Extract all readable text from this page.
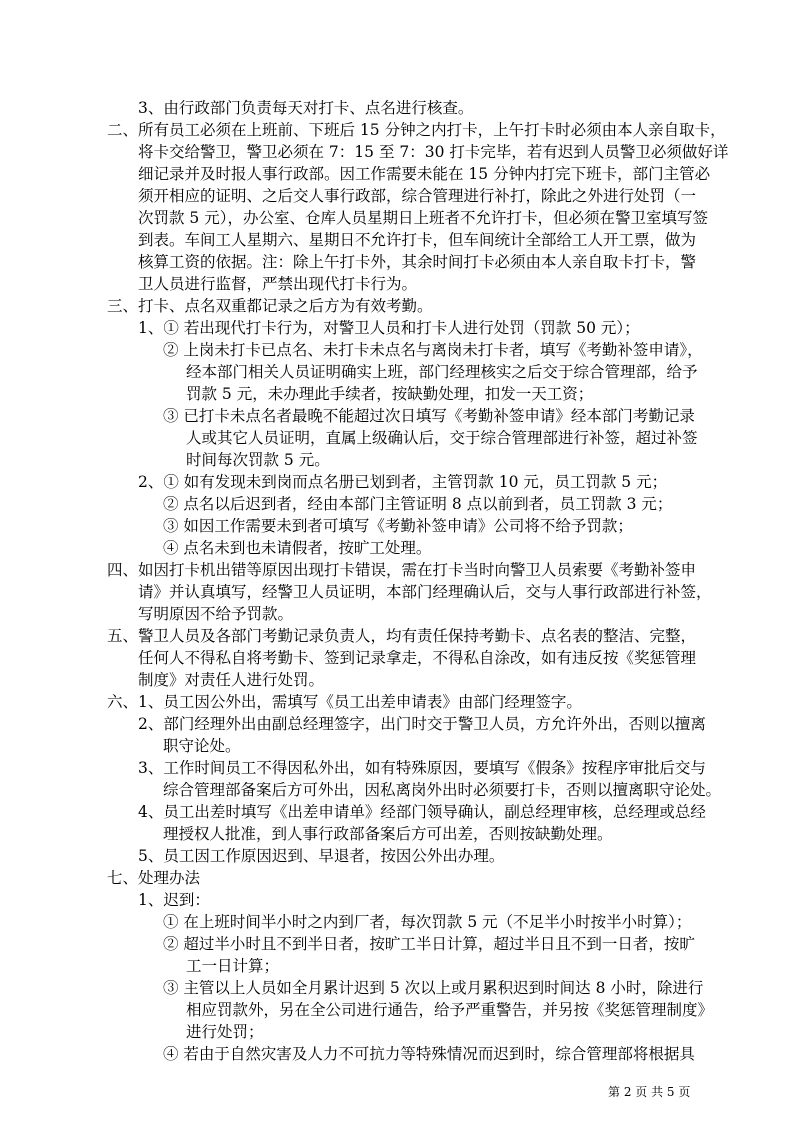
3、由行政部门负责每天对打卡、点名进行核查。
二、所有员工必须在上班前、下班后 15 分钟之内打卡，上午打卡时必须由本人亲自取卡，
将卡交给警卫，警卫必须在 7：15 至 7：30 打卡完毕，若有迟到人员警卫必须做好详
细记录并及时报人事行政部。因工作需要未能在 15 分钟内打完下班卡，部门主管必
须开相应的证明、之后交人事行政部，综合管理进行补打，除此之外进行处罚（一
次罚款 5 元），办公室、仓库人员星期日上班者不允许打卡，但必须在警卫室填写签
到表。车间工人星期六、星期日不允许打卡，但车间统计全部给工人开工票，做为
核算工资的依据。注：除上午打卡外，其余时间打卡必须由本人亲自取卡打卡，警
卫人员进行监督，严禁出现代打卡行为。
三、打卡、点名双重都记录之后方为有效考勤。
1、① 若出现代打卡行为，对警卫人员和打卡人进行处罚（罚款 50 元）；
② 上岗未打卡已点名、未打卡未点名与离岗未打卡者，填写《考勤补签申请》，
经本部门相关人员证明确实上班，部门经理核实之后交于综合管理部，给予
罚款 5 元，未办理此手续者，按缺勤处理，扣发一天工资；
③ 已打卡未点名者最晚不能超过次日填写《考勤补签申请》经本部门考勤记录
人或其它人员证明，直属上级确认后，交于综合管理部进行补签，超过补签
时间每次罚款 5 元。
2、① 如有发现未到岗而点名册已划到者，主管罚款 10 元，员工罚款 5 元；
② 点名以后迟到者，经由本部门主管证明 8 点以前到者，员工罚款 3 元；
③ 如因工作需要未到者可填写《考勤补签申请》公司将不给予罚款；
④ 点名未到也未请假者，按旷工处理。
四、如因打卡机出错等原因出现打卡错误，需在打卡当时向警卫人员索要《考勤补签申
请》并认真填写，经警卫人员证明，本部门经理确认后，交与人事行政部进行补签，
写明原因不给予罚款。
五、警卫人员及各部门考勤记录负责人，均有责任保持考勤卡、点名表的整洁、完整，
任何人不得私自将考勤卡、签到记录拿走，不得私自涂改，如有违反按《奖惩管理
制度》对责任人进行处罚。
六、1、员工因公外出，需填写《员工出差申请表》由部门经理签字。
2、部门经理外出由副总经理签字，出门时交于警卫人员，方允许外出，否则以擅离
职守论处。
3、工作时间员工不得因私外出，如有特殊原因，要填写《假条》按程序审批后交与
综合管理部备案后方可外出，因私离岗外出时必须要打卡，否则以擅离职守论处。
4、员工出差时填写《出差申请单》经部门领导确认，副总经理审核，总经理或总经
理授权人批准，到人事行政部备案后方可出差，否则按缺勤处理。
5、员工因工作原因迟到、早退者，按因公外出办理。
七、处理办法
1、迟到：
① 在上班时间半小时之内到厂者，每次罚款 5 元（不足半小时按半小时算）；
② 超过半小时且不到半日者，按旷工半日计算，超过半日且不到一日者，按旷
工一日计算；
③ 主管以上人员如全月累计迟到 5 次以上或月累积迟到时间达 8 小时，除进行
相应罚款外，另在全公司进行通告，给予严重警告，并另按《奖惩管理制度》
进行处罚；
④ 若由于自然灾害及人力不可抗力等特殊情况而迟到时，综合管理部将根据具
第 2 页 共 5 页
